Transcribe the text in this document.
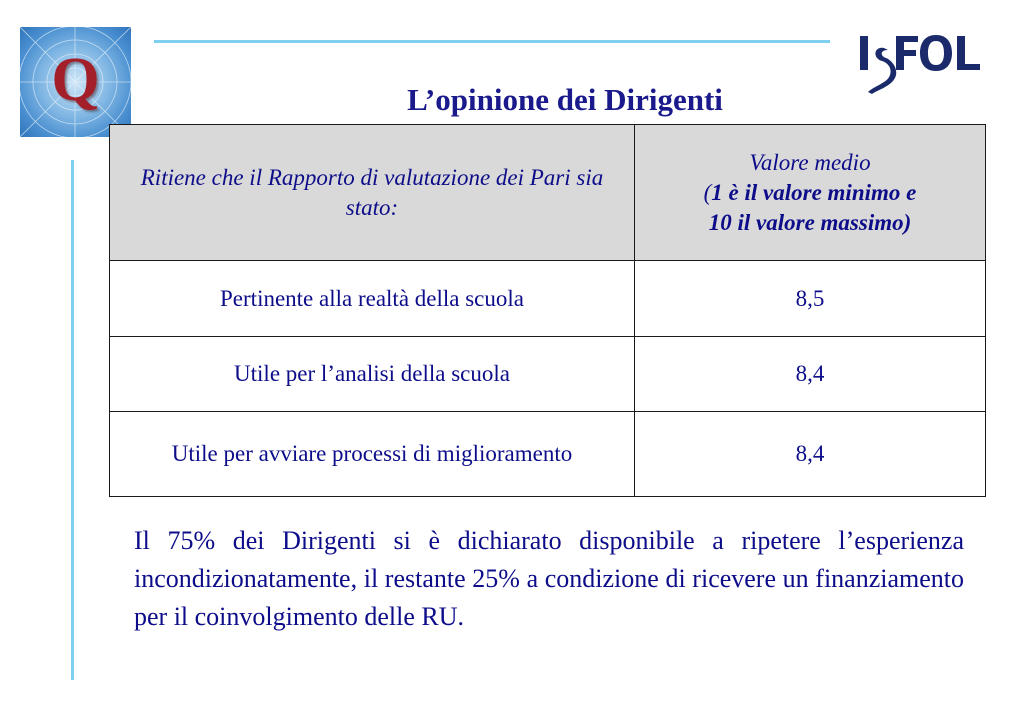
Q	L’opinione dei Dirigenti
Ritiene che il Rapporto di valutazione dei Pari sia stato:	Valore medio
(1 è il valore minimo e
10 il valore massimo)

Pertinente alla realtà della scuola	8,5
Utile per l’analisi della scuola	8,4
Utile per avviare processi di miglioramento	8,4
Il 75% dei Dirigenti si è dichiarato disponibile a ripetere l’esperienza incondizionatamente, il restante 25% a condizione di ricevere un finanziamento per il coinvolgimento delle RU.
